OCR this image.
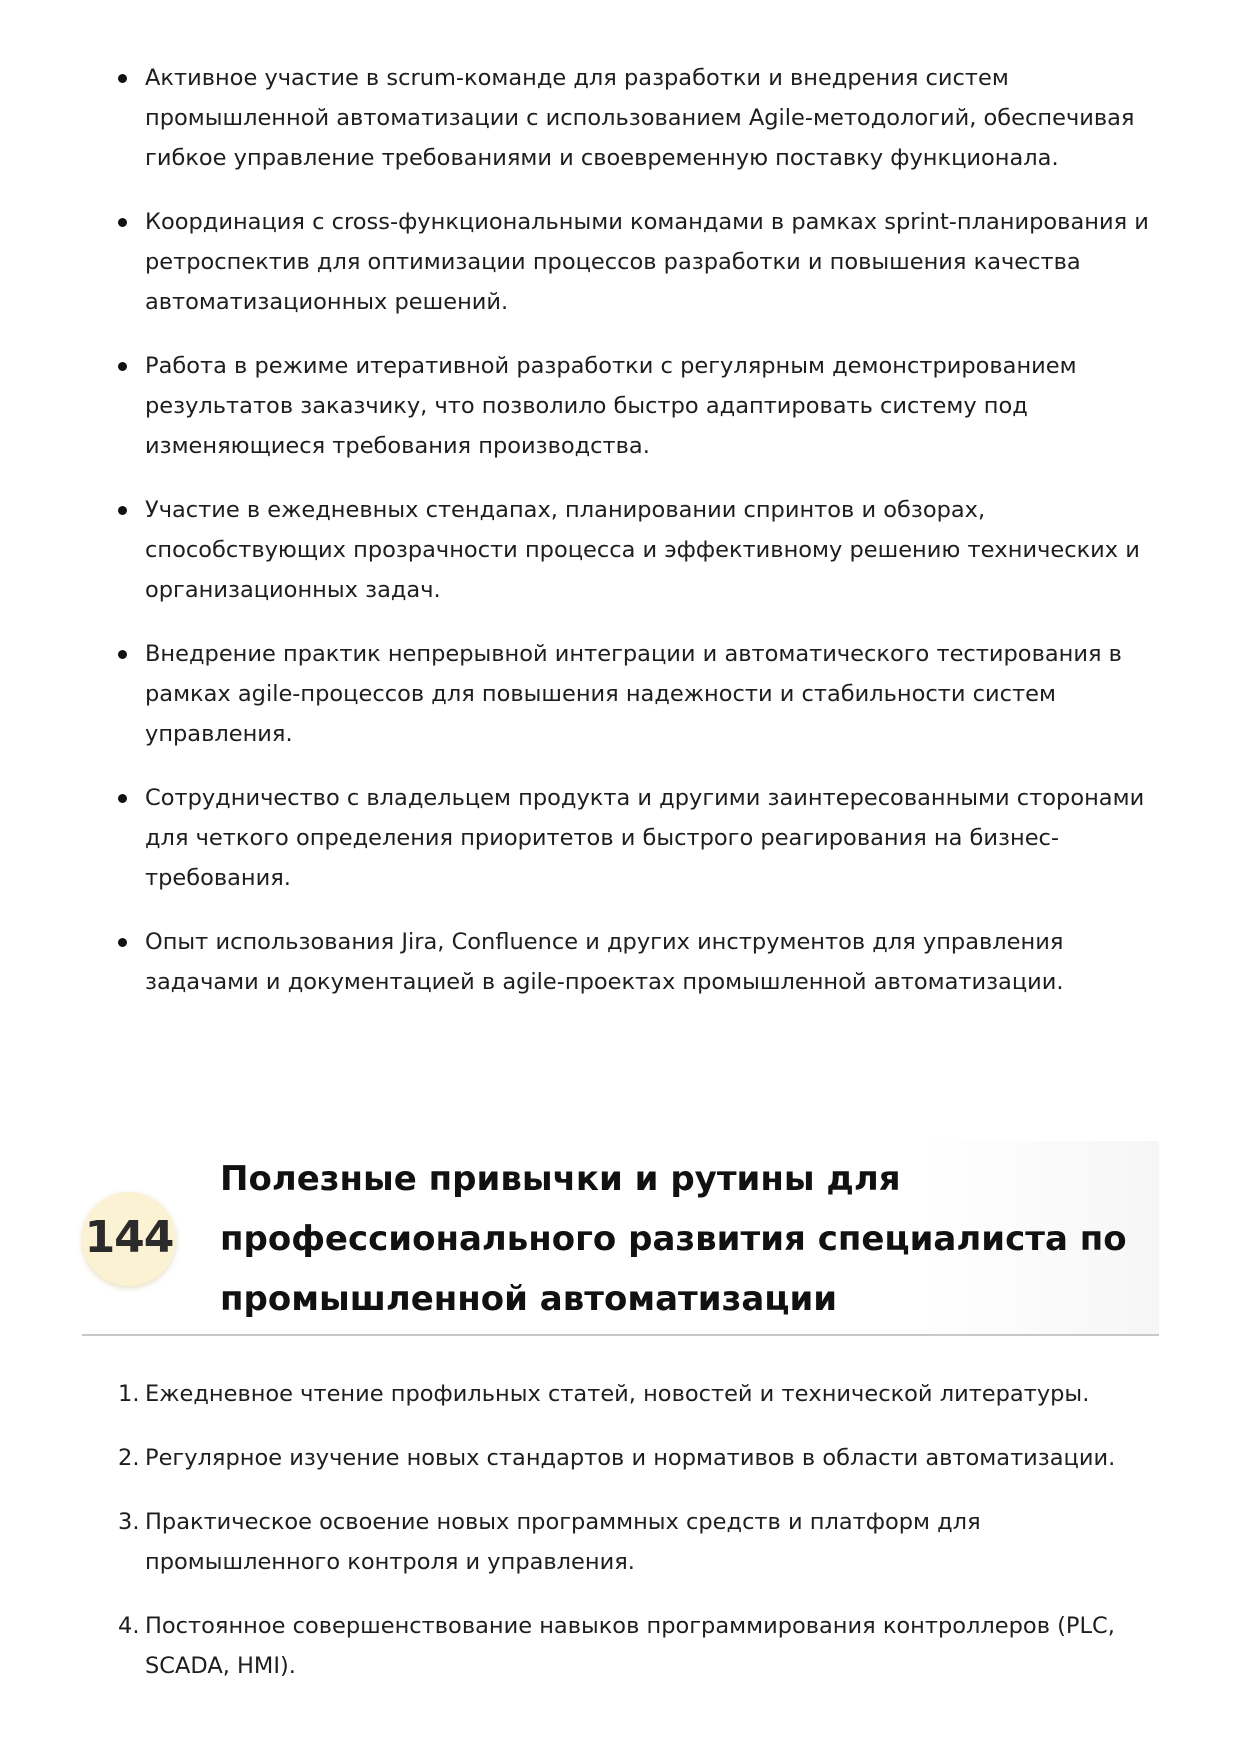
Активное участие в scrum-команде для разработки и внедрения систем промышленной автоматизации с использованием Agile-методологий, обеспечивая гибкое управление требованиями и своевременную поставку функционала.
Координация с cross-функциональными командами в рамках sprint-планирования и ретроспектив для оптимизации процессов разработки и повышения качества автоматизационных решений.
Работа в режиме итеративной разработки с регулярным демонстрированием результатов заказчику, что позволило быстро адаптировать систему под изменяющиеся требования производства.
Участие в ежедневных стендапах, планировании спринтов и обзорах, способствующих прозрачности процесса и эффективному решению технических и организационных задач.
Внедрение практик непрерывной интеграции и автоматического тестирования в рамках agile-процессов для повышения надежности и стабильности систем управления.
Сотрудничество с владельцем продукта и другими заинтересованными сторонами для четкого определения приоритетов и быстрого реагирования на бизнес-требования.
Опыт использования Jira, Confluence и других инструментов для управления задачами и документацией в agile-проектах промышленной автоматизации.
144
Полезные привычки и рутины для профессионального развития специалиста по промышленной автоматизации
1. Ежедневное чтение профильных статей, новостей и технической литературы.
2. Регулярное изучение новых стандартов и нормативов в области автоматизации.
3. Практическое освоение новых программных средств и платформ для промышленного контроля и управления.
4. Постоянное совершенствование навыков программирования контроллеров (PLC, SCADA, HMI).
